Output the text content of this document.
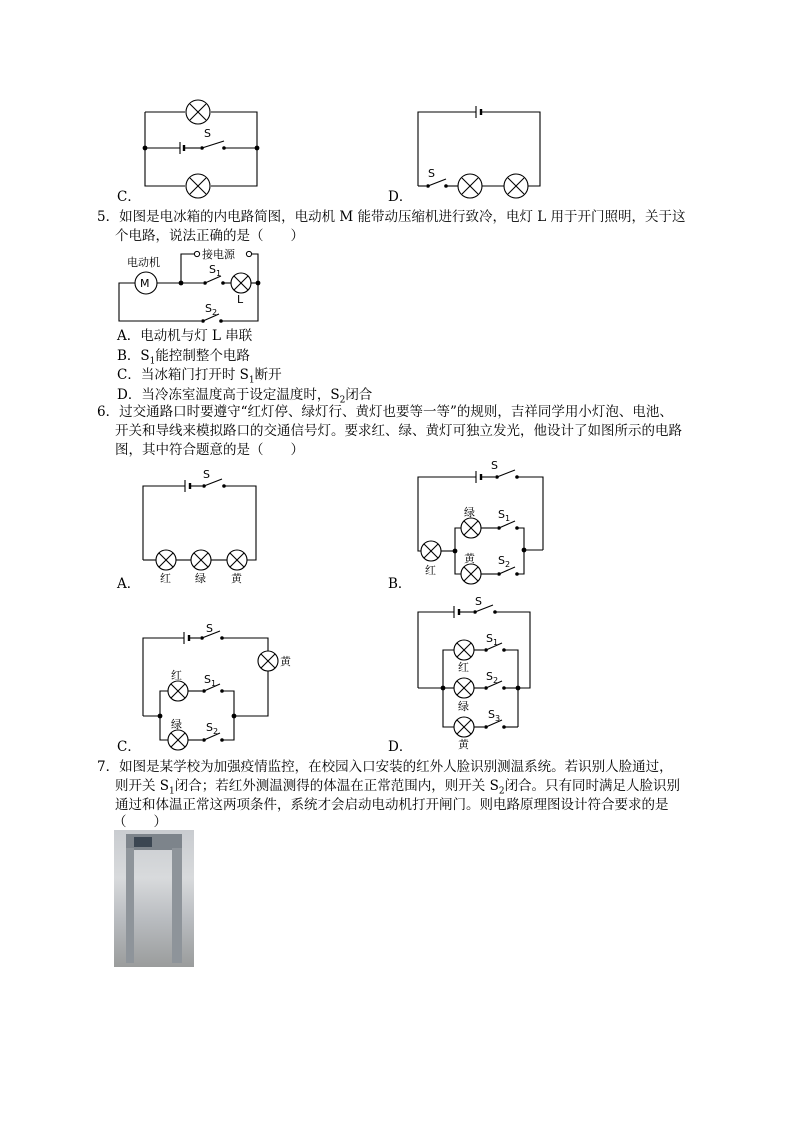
S
C．
S
D．
5．如图是电冰箱的内电路简图，电动机 M 能带动压缩机进行致冷，电灯 L 用于开门照明，关于这
个电路，说法正确的是（　　）
电动机
M
接电源
$S_1$
L
$S_2$
A．电动机与灯 L 串联
B．$S_1$能控制整个电路
C．当冰箱门打开时 $S_1$断开
D．当冷冻室温度高于设定温度时，$S_2$闭合
6．过交通路口时要遵守“红灯停、绿灯行、黄灯也要等一等”的规则，吉祥同学用小灯泡、电池、
开关和导线来模拟路口的交通信号灯。要求红、绿、黄灯可独立发光，他设计了如图所示的电路
图，其中符合题意的是（　　）
S
红 绿 黄
A．
S
红
绿
黄
$S_1$
$S_2$
B．
S
黄
红
绿
$S_1$
$S_2$
C．
S
红
绿
黄
$S_1$
$S_2$
$S_3$
D．
7．如图是某学校为加强疫情监控，在校园入口安装的红外人脸识别测温系统。若识别人脸通过，
则开关 $S_1$闭合；若红外测温测得的体温在正常范围内，则开关 $S_2$闭合。只有同时满足人脸识别
通过和体温正常这两项条件，系统才会启动电动机打开闸门。则电路原理图设计符合要求的是
（　　）
